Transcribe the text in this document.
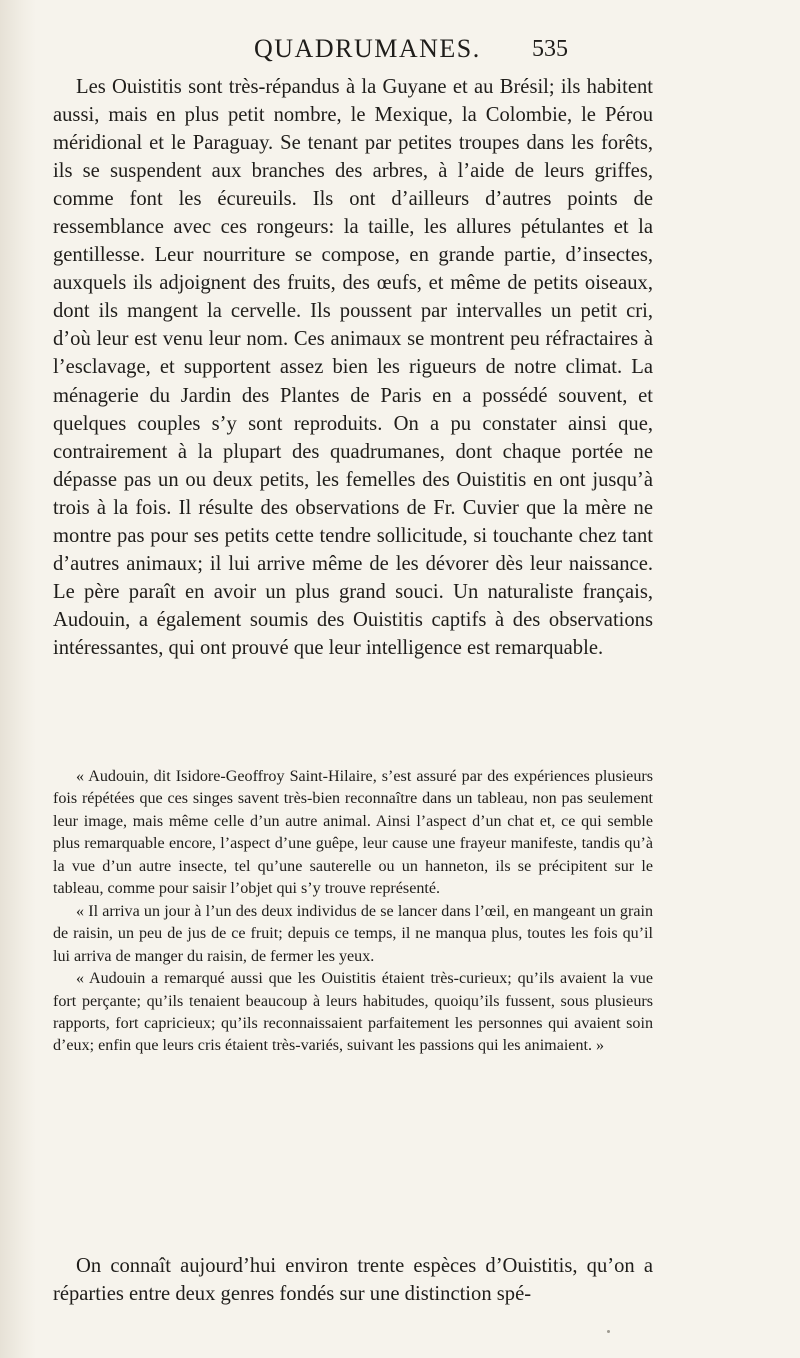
QUADRUMANES. 535

Les Ouistitis sont très-répandus à la Guyane et au Brésil; ils habitent aussi, mais en plus petit nombre, le Mexique, la Colombie, le Pérou méridional et le Paraguay. Se tenant par petites troupes dans les forêts, ils se suspendent aux branches des arbres, à l’aide de leurs griffes, comme font les écureuils. Ils ont d’ailleurs d’autres points de ressemblance avec ces rongeurs: la taille, les allures pétulantes et la gentillesse. Leur nourriture se compose, en grande partie, d’insectes, auxquels ils adjoignent des fruits, des œufs, et même de petits oiseaux, dont ils mangent la cervelle. Ils poussent par intervalles un petit cri, d’où leur est venu leur nom. Ces animaux se montrent peu réfractaires à l’esclavage, et supportent assez bien les rigueurs de notre climat. La ménagerie du Jardin des Plantes de Paris en a possédé souvent, et quelques couples s’y sont reproduits. On a pu constater ainsi que, contrairement à la plupart des quadrumanes, dont chaque portée ne dépasse pas un ou deux petits, les femelles des Ouistitis en ont jusqu’à trois à la fois. Il résulte des observations de Fr. Cuvier que la mère ne montre pas pour ses petits cette tendre sollicitude, si touchante chez tant d’autres animaux; il lui arrive même de les dévorer dès leur naissance. Le père paraît en avoir un plus grand souci. Un naturaliste français, Audouin, a également soumis des Ouistitis captifs à des observations intéressantes, qui ont prouvé que leur intelligence est remarquable.

« Audouin, dit Isidore-Geoffroy Saint-Hilaire, s’est assuré par des expériences plusieurs fois répétées que ces singes savent très-bien reconnaître dans un tableau, non pas seulement leur image, mais même celle d’un autre animal. Ainsi l’aspect d’un chat et, ce qui semble plus remarquable encore, l’aspect d’une guêpe, leur cause une frayeur manifeste, tandis qu’à la vue d’un autre insecte, tel qu’une sauterelle ou un hanneton, ils se précipitent sur le tableau, comme pour saisir l’objet qui s’y trouve représenté.

« Il arriva un jour à l’un des deux individus de se lancer dans l’œil, en mangeant un grain de raisin, un peu de jus de ce fruit; depuis ce temps, il ne manqua plus, toutes les fois qu’il lui arriva de manger du raisin, de fermer les yeux.

« Audouin a remarqué aussi que les Ouistitis étaient très-curieux; qu’ils avaient la vue fort perçante; qu’ils tenaient beaucoup à leurs habitudes, quoiqu’ils fussent, sous plusieurs rapports, fort capricieux; qu’ils reconnaissaient parfaitement les personnes qui avaient soin d’eux; enfin que leurs cris étaient très-variés, suivant les passions qui les animaient. »

On connaît aujourd’hui environ trente espèces d’Ouistitis, qu’on a réparties entre deux genres fondés sur une distinction spé-
